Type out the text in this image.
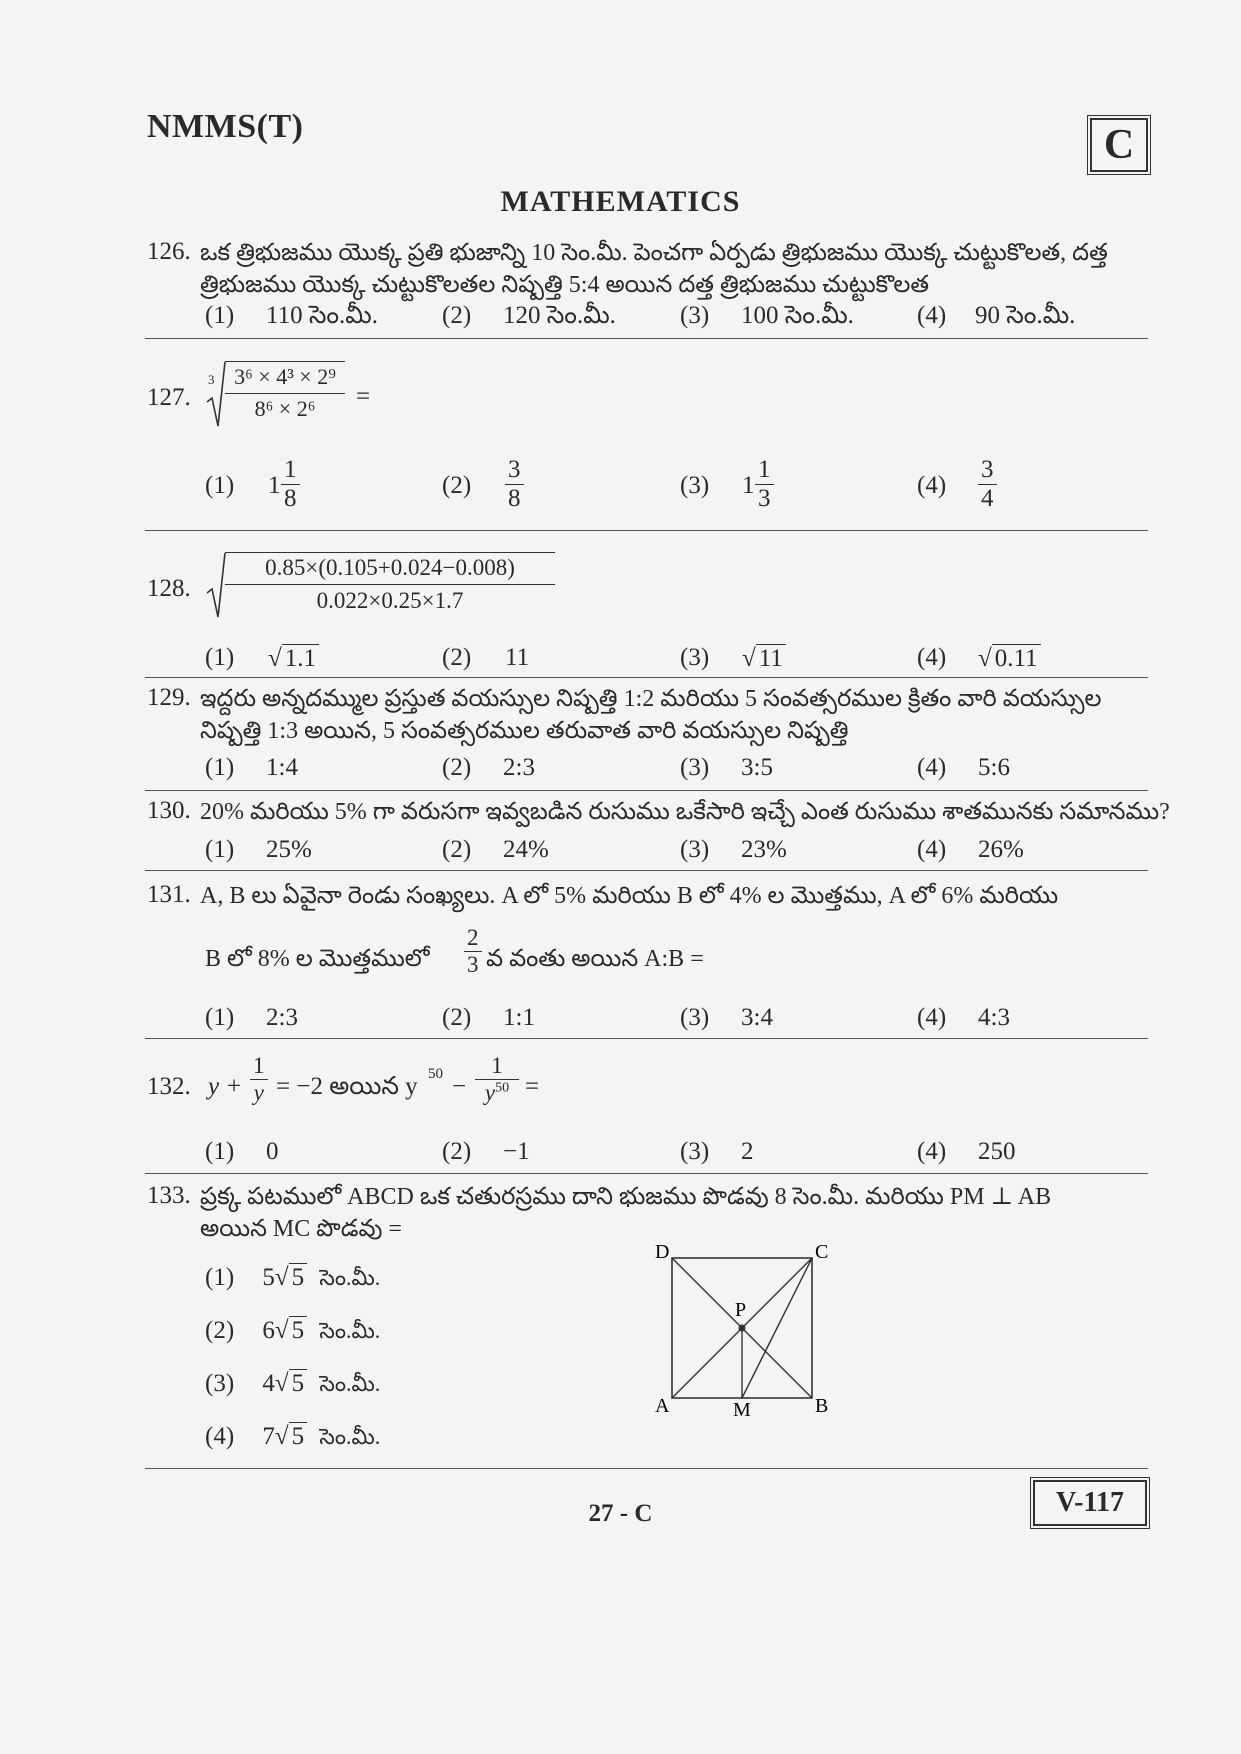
NMMS(T)	C
MATHEMATICS
126. ఒక త్రిభుజము యొక్క ప్రతి భుజాన్ని 10 సెం.మీ. పెంచగా ఏర్పడు త్రిభుజము యొక్క చుట్టుకొలత, దత్త
త్రిభుజము యొక్క చుట్టుకొలతల నిష్పత్తి 5:4 అయిన దత్త త్రిభుజము చుట్టుకొలత
(1) 110 సెం.మీ.	(2) 120 సెం.మీ.	(3) 100 సెం.మీ.	(4) 90 సెం.మీ.
127.
$3 \frac{\text{3⁶ × 4³ × 2⁹}}{\text{8⁶ × 2⁶}}$ =
(1) $1 \frac{1}{8}$	$(2) \frac{3}{8}$	(3) $1 \frac{1}{3}$	$(4) \frac{3}{4}$
128. $\frac{0.85\times(0.105+0.024-0.008)}{0.022\times 0.25\times 1.7}$
(1) √ 1.1	(2) 11	(3) √ 11	(4) √ 0.11
129. ఇద్దరు అన్నదమ్ముల ప్రస్తుత వయస్సుల నిష్పత్తి 1:2 మరియు 5 సంవత్సరముల క్రితం వారి వయస్సుల
నిష్పత్తి 1:3 అయిన, 5 సంవత్సరముల తరువాత వారి వయస్సుల నిష్పత్తి
(1) 1:4	(2) 2:3	(3) 3:5	(4) 5:6
130. 20% మరియు 5% గా వరుసగా ఇవ్వబడిన రుసుము ఒకేసారి ఇచ్చే ఎంత రుసుము శాతమునకు సమానము?
(1) 25%	(2) 24%	(3) 23%	(4) 26%
131. A, B లు ఏవైనా రెండు సంఖ్యలు. A లో 5% మరియు B లో 4% ల మొత్తము, A లో 6% మరియు
B లో 8% ల మొత్తములో $\frac{2}{3}$ వ వంతు అయిన A:B =
(1) 2:3	(2) 1:1	(3) 3:4	(4) 4:3
132. $y + \frac{1}{y} = -2$ అయిన y $50 - \frac{1}{y^{50}}$ =
(1) 0	(2) −1	(3) 2	(4) 250
133. ప్రక్క పటములో ABCD ఒక చతురస్రము దాని భుజము పొడవు 8 సెం.మీ. మరియు PM ⊥ AB
అయిన MC పొడవు =
(1) 5√ 5 సెం.మీ.
(2) 6√ 5 సెం.మీ.
(3) 4√ 5 సెం.మీ.
(4) 7√ 5 సెం.మీ.
A	B
C
D
P
M
27 - C	V-117
